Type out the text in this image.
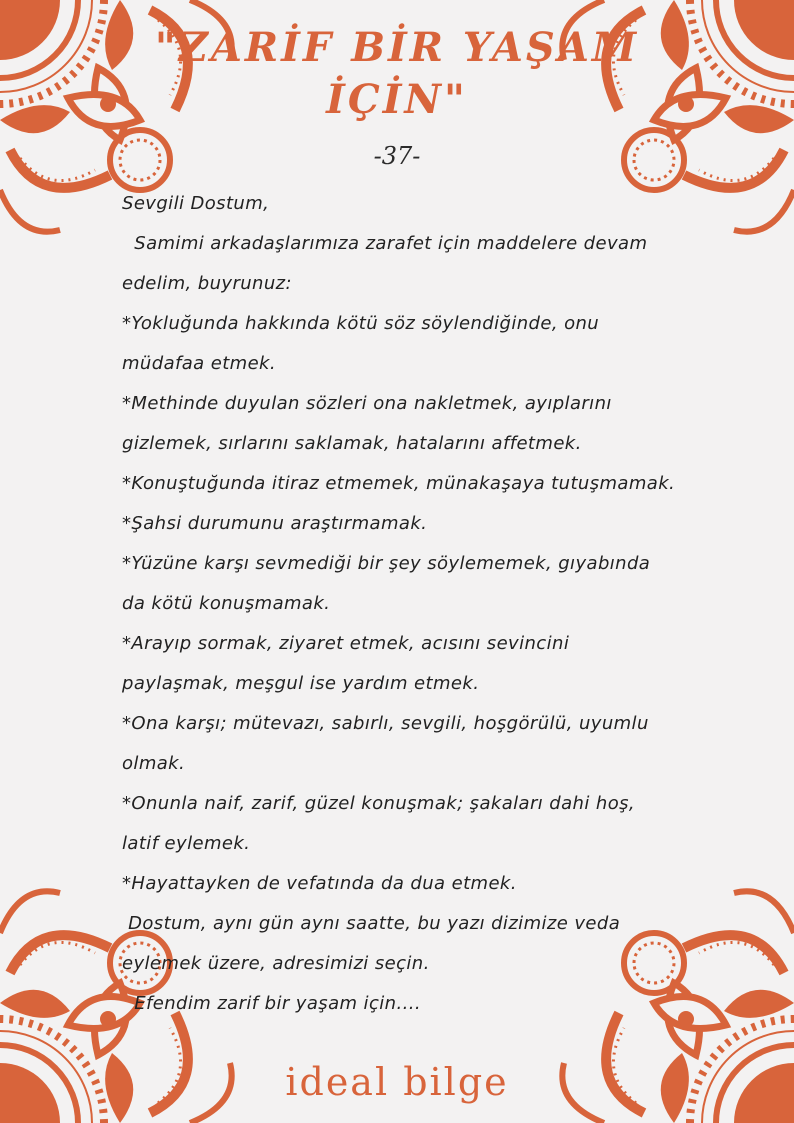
"ZARİF BİR YAŞAM
İÇİN"
-37-

Sevgili Dostum,

Samimi arkadaşlarımıza zarafet için maddelere devam

edelim, buyrunuz:

*Yokluğunda hakkında kötü söz söylendiğinde, onu

müdafaa etmek.

*Methinde duyulan sözleri ona nakletmek, ayıplarını

gizlemek, sırlarını saklamak, hatalarını affetmek.

*Konuştuğunda itiraz etmemek, münakaşaya tutuşmamak.

*Şahsi durumunu araştırmamak.

*Yüzüne karşı sevmediği bir şey söylememek, gıyabında

da kötü konuşmamak.

*Arayıp sormak, ziyaret etmek, acısını sevincini

paylaşmak, meşgul ise yardım etmek.

*Ona karşı; mütevazı, sabırlı, sevgili, hoşgörülü, uyumlu

olmak.

*Onunla naif, zarif, güzel konuşmak; şakaları dahi hoş,

latif eylemek.

*Hayattayken de vefatında da dua etmek.

Dostum, aynı gün aynı saatte, bu yazı dizimize veda

eylemek üzere, adresimizi seçin.

Efendim zarif bir yaşam için....

ideal bilge
